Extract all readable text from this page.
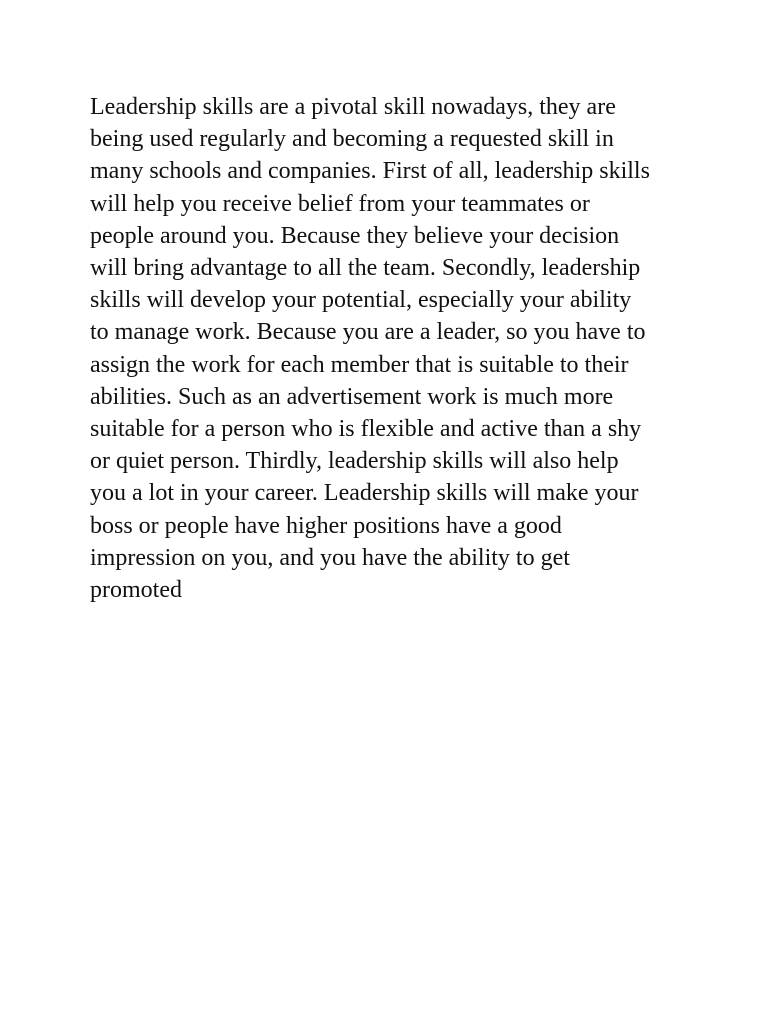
Leadership skills are a pivotal skill nowadays, they are
being used regularly and becoming a requested skill in
many schools and companies. First of all, leadership skills
will help you receive belief from your teammates or
people around you. Because they believe your decision
will bring advantage to all the team. Secondly, leadership
skills will develop your potential, especially your ability
to manage work. Because you are a leader, so you have to
assign the work for each member that is suitable to their
abilities. Such as an advertisement work is much more
suitable for a person who is flexible and active than a shy
or quiet person. Thirdly, leadership skills will also help
you a lot in your career. Leadership skills will make your
boss or people have higher positions have a good
impression on you, and you have the ability to get
promoted
